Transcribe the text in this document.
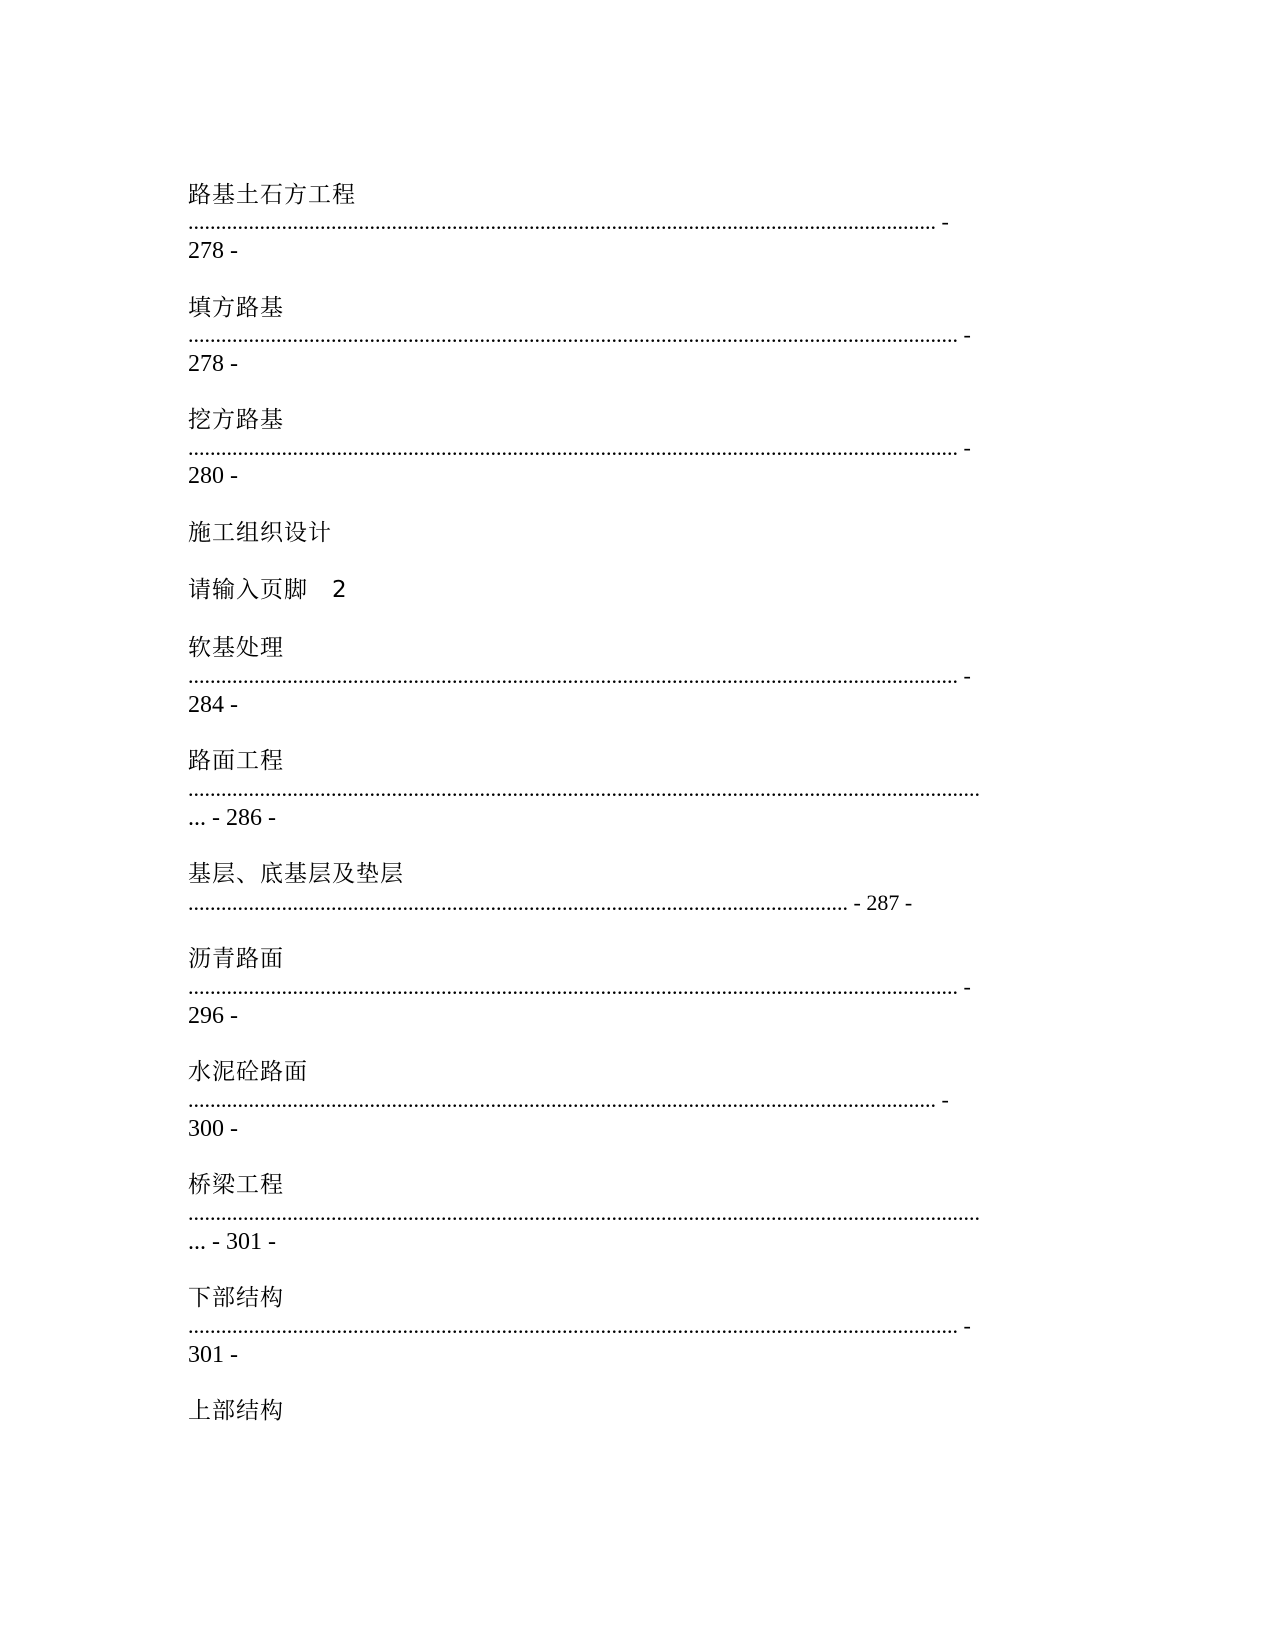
路基土石方工程
........................................................................................................................................ -
278 -
填方路基
............................................................................................................................................ -
278 -
挖方路基
............................................................................................................................................ -
280 -
施工组织设计
请输入页脚　2
软基处理
............................................................................................................................................ -
284 -
路面工程
................................................................................................................................................
... - 286 -
基层、底基层及垫层
........................................................................................................................ - 287 -
沥青路面
............................................................................................................................................ -
296 -
水泥砼路面
........................................................................................................................................ -
300 -
桥梁工程
................................................................................................................................................
... - 301 -
下部结构
............................................................................................................................................ -
301 -
上部结构
